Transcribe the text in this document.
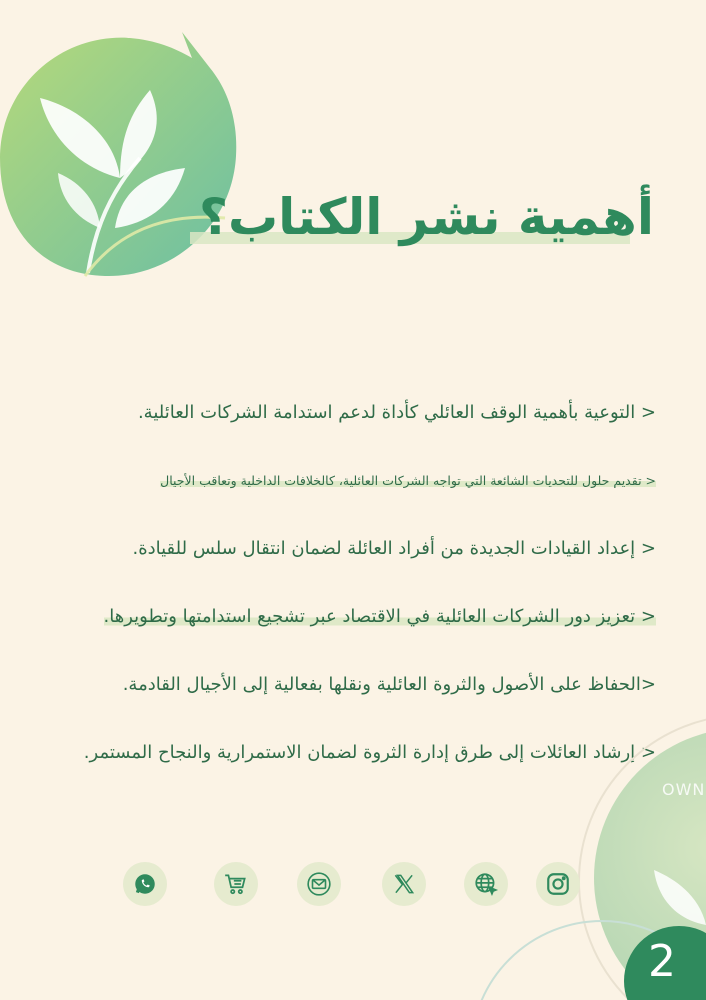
أهمية نشر الكتاب؟
< التوعية بأهمية الوقف العائلي كأداة لدعم استدامة الشركات العائلية.
< تقديم حلول للتحديات الشائعة التي تواجه الشركات العائلية، كالخلافات الداخلية وتعاقب الأجيال
< إعداد القيادات الجديدة من أفراد العائلة لضمان انتقال سلس للقيادة.
< تعزيز دور الشركات العائلية في الاقتصاد عبر تشجيع استدامتها وتطويرها.
<الحفاظ على الأصول والثروة العائلية ونقلها بفعالية إلى الأجيال القادمة.
< إرشاد العائلات إلى طرق إدارة الثروة لضمان الاستمرارية والنجاح المستمر.
OWN
2
